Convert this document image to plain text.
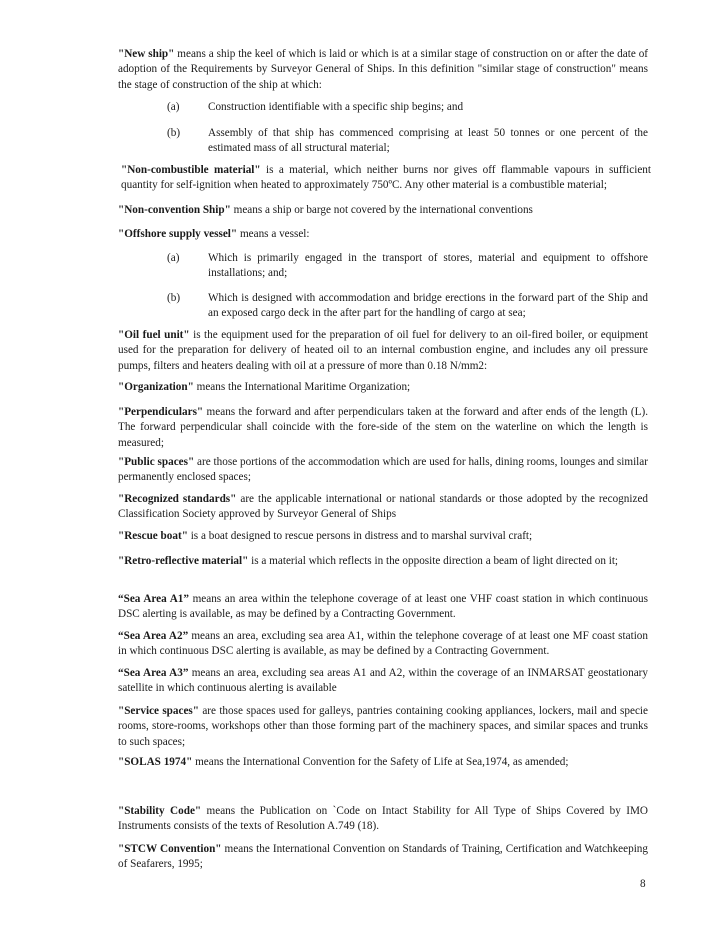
"New ship" means a ship the keel of which is laid or which is at a similar stage of construction on or after the date of adoption of the Requirements by Surveyor General of Ships. In this definition "similar stage of construction" means the stage of construction of the ship at which:
(a)	Construction identifiable with a specific ship begins; and
(b) Assembly of that ship has commenced comprising at least 50 tonnes or one percent of the estimated mass of all structural material;
"Non-combustible material" is a material, which neither burns nor gives off flammable vapours in sufficient quantity for self-ignition when heated to approximately 750ºC. Any other material is a combustible material;
"Non-convention Ship" means a ship or barge not covered by the international conventions
"Offshore supply vessel" means a vessel:
(a)	Which is primarily engaged in the transport of stores, material and equipment to offshore installations; and;
(b) Which is designed with accommodation and bridge erections in the forward part of the Ship and an exposed cargo deck in the after part for the handling of cargo at sea;
"Oil fuel unit" is the equipment used for the preparation of oil fuel for delivery to an oil-fired boiler, or equipment used for the preparation for delivery of heated oil to an internal combustion engine, and includes any oil pressure pumps, filters and heaters dealing with oil at a pressure of more than 0.18 N/mm2:
"Organization" means the International Maritime Organization;
"Perpendiculars" means the forward and after perpendiculars taken at the forward and after ends of the length (L). The forward perpendicular shall coincide with the fore-side of the stem on the waterline on which the length is measured;
"Public spaces" are those portions of the accommodation which are used for halls, dining rooms, lounges and similar permanently enclosed spaces;
"Recognized standards" are the applicable international or national standards or those adopted by the recognized Classification Society approved by Surveyor General of Ships
"Rescue boat" is a boat designed to rescue persons in distress and to marshal survival craft;
"Retro-reflective material" is a material which reflects in the opposite direction a beam of light directed on it;
“Sea Area A1” means an area within the telephone coverage of at least one VHF coast station in which continuous DSC alerting is available, as may be defined by a Contracting Government.
“Sea Area A2” means an area, excluding sea area A1, within the telephone coverage of at least one MF coast station in which continuous DSC alerting is available, as may be defined by a Contracting Government.
“Sea Area A3” means an area, excluding sea areas A1 and A2, within the coverage of an INMARSAT geostationary satellite in which continuous alerting is available
"Service spaces" are those spaces used for galleys, pantries containing cooking appliances, lockers, mail and specie rooms, store-rooms, workshops other than those forming part of the machinery spaces, and similar spaces and trunks to such spaces;
"SOLAS 1974" means the International Convention for the Safety of Life at Sea,1974, as amended;
"Stability Code" means the Publication on `Code on Intact Stability for All Type of Ships Covered by IMO Instruments consists of the texts of Resolution A.749 (18).
"STCW Convention" means the International Convention on Standards of Training, Certification and Watchkeeping of Seafarers, 1995;
8
